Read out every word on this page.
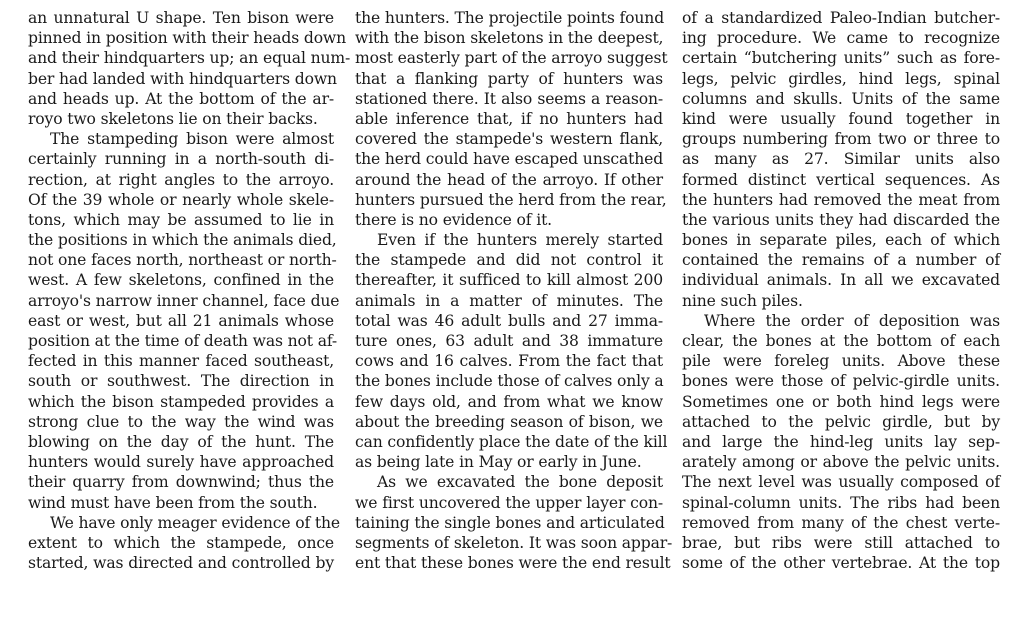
an unnatural U shape. Ten bison were
pinned in position with their heads down
and their hindquarters up; an equal num-
ber had landed with hindquarters down
and heads up. At the bottom of the ar-
royo two skeletons lie on their backs.
The stampeding bison were almost
certainly running in a north-south di-
rection, at right angles to the arroyo.
Of the 39 whole or nearly whole skele-
tons, which may be assumed to lie in
the positions in which the animals died,
not one faces north, northeast or north-
west. A few skeletons, confined in the
arroyo's narrow inner channel, face due
east or west, but all 21 animals whose
position at the time of death was not af-
fected in this manner faced southeast,
south or southwest. The direction in
which the bison stampeded provides a
strong clue to the way the wind was
blowing on the day of the hunt. The
hunters would surely have approached
their quarry from downwind; thus the
wind must have been from the south.
We have only meager evidence of the
extent to which the stampede, once
started, was directed and controlled by
the hunters. The projectile points found
with the bison skeletons in the deepest,
most easterly part of the arroyo suggest
that a flanking party of hunters was
stationed there. It also seems a reason-
able inference that, if no hunters had
covered the stampede's western flank,
the herd could have escaped unscathed
around the head of the arroyo. If other
hunters pursued the herd from the rear,
there is no evidence of it.
Even if the hunters merely started
the stampede and did not control it
thereafter, it sufficed to kill almost 200
animals in a matter of minutes. The
total was 46 adult bulls and 27 imma-
ture ones, 63 adult and 38 immature
cows and 16 calves. From the fact that
the bones include those of calves only a
few days old, and from what we know
about the breeding season of bison, we
can confidently place the date of the kill
as being late in May or early in June.
As we excavated the bone deposit
we first uncovered the upper layer con-
taining the single bones and articulated
segments of skeleton. It was soon appar-
ent that these bones were the end result
of a standardized Paleo-Indian butcher-
ing procedure. We came to recognize
certain “butchering units” such as fore-
legs, pelvic girdles, hind legs, spinal
columns and skulls. Units of the same
kind were usually found together in
groups numbering from two or three to
as many as 27. Similar units also
formed distinct vertical sequences. As
the hunters had removed the meat from
the various units they had discarded the
bones in separate piles, each of which
contained the remains of a number of
individual animals. In all we excavated
nine such piles.
Where the order of deposition was
clear, the bones at the bottom of each
pile were foreleg units. Above these
bones were those of pelvic-girdle units.
Sometimes one or both hind legs were
attached to the pelvic girdle, but by
and large the hind-leg units lay sep-
arately among or above the pelvic units.
The next level was usually composed of
spinal-column units. The ribs had been
removed from many of the chest verte-
brae, but ribs were still attached to
some of the other vertebrae. At the top
